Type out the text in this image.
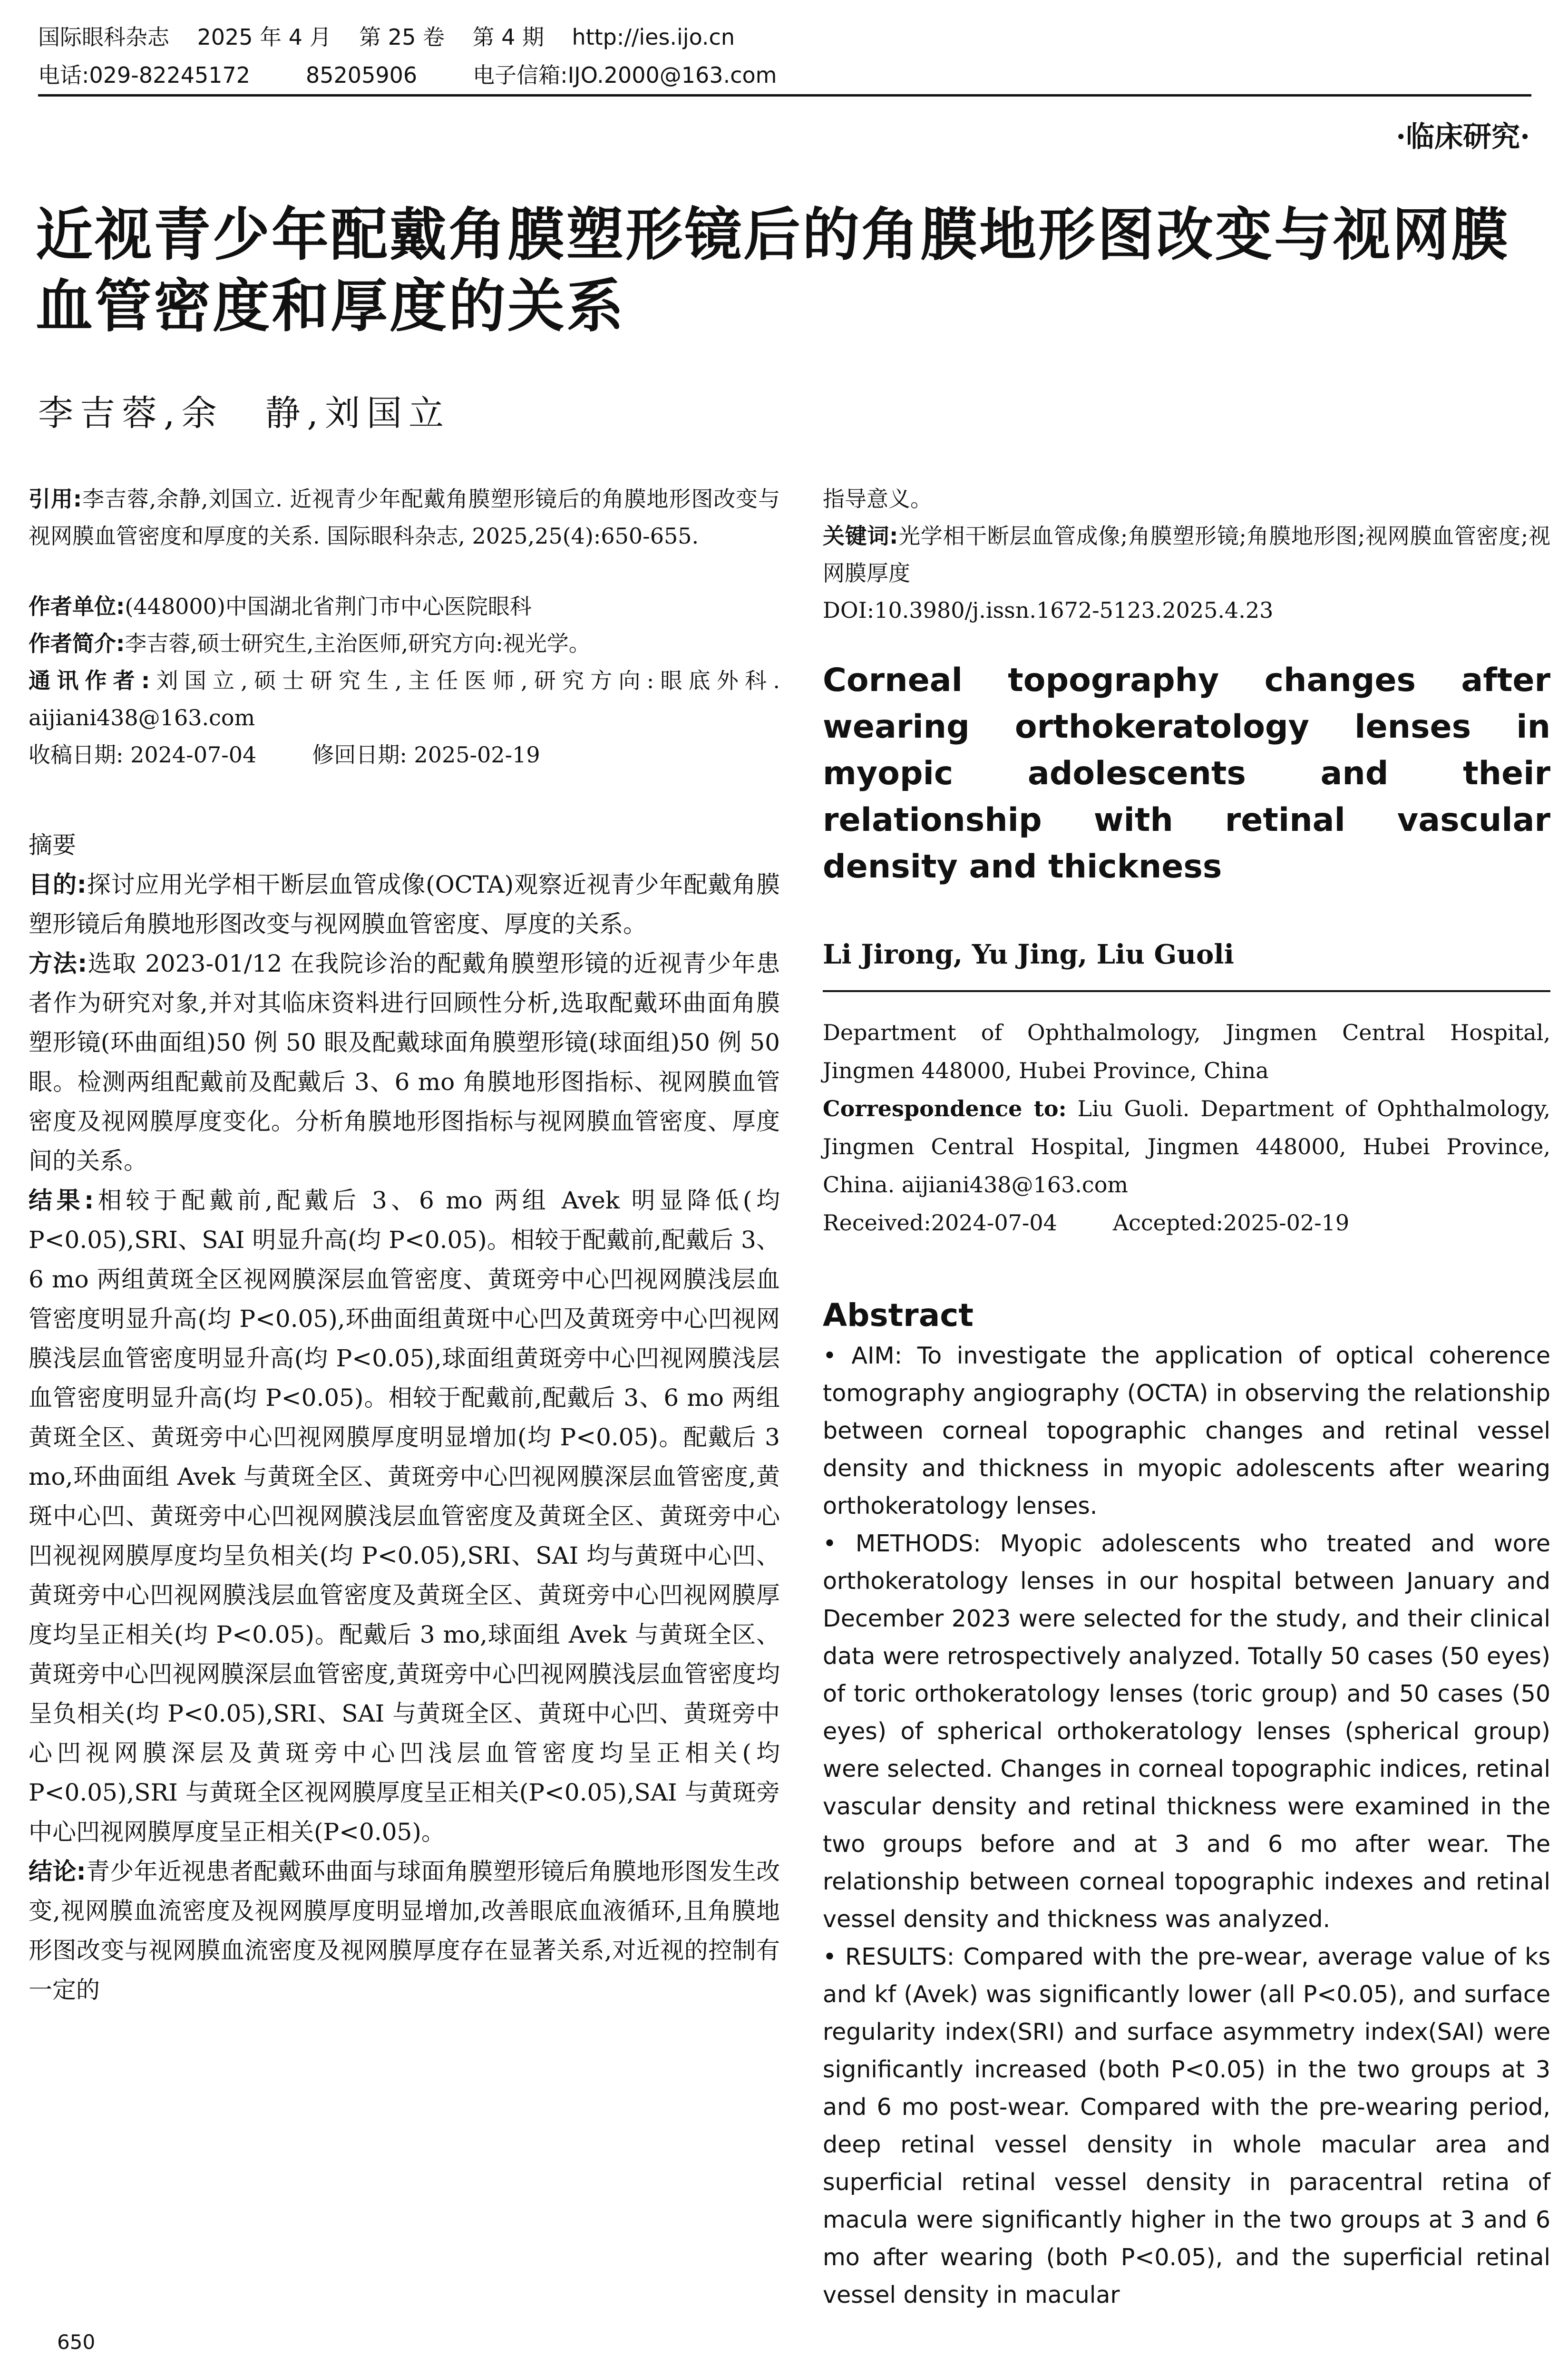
国际眼科杂志    2025 年 4 月    第 25 卷    第 4 期    http://ies.ijo.cn
电话:029-82245172        85205906        电子信箱:IJO.2000@163.com
·临床研究·
近视青少年配戴角膜塑形镜后的角膜地形图改变与视网膜血管密度和厚度的关系
李吉蓉,余　静,刘国立

引用:李吉蓉,余静,刘国立. 近视青少年配戴角膜塑形镜后的角膜地形图改变与视网膜血管密度和厚度的关系. 国际眼科杂志, 2025,25(4):650-655.

作者单位:(448000)中国湖北省荆门市中心医院眼科

作者简介:李吉蓉,硕士研究生,主治医师,研究方向:视光学。

通讯作者:刘国立,硕士研究生,主任医师,研究方向:眼底外科. aijiani438@163.com

收稿日期: 2024-07-04        修回日期: 2025-02-19

摘要

目的:探讨应用光学相干断层血管成像(OCTA)观察近视青少年配戴角膜塑形镜后角膜地形图改变与视网膜血管密度、厚度的关系。

方法:选取 2023-01/12 在我院诊治的配戴角膜塑形镜的近视青少年患者作为研究对象,并对其临床资料进行回顾性分析,选取配戴环曲面角膜塑形镜(环曲面组)50 例 50 眼及配戴球面角膜塑形镜(球面组)50 例 50 眼。检测两组配戴前及配戴后 3、6 mo 角膜地形图指标、视网膜血管密度及视网膜厚度变化。分析角膜地形图指标与视网膜血管密度、厚度间的关系。

结果:相较于配戴前,配戴后 3、6 mo 两组 Avek 明显降低(均 P<0.05),SRI、SAI 明显升高(均 P<0.05)。相较于配戴前,配戴后 3、6 mo 两组黄斑全区视网膜深层血管密度、黄斑旁中心凹视网膜浅层血管密度明显升高(均 P<0.05),环曲面组黄斑中心凹及黄斑旁中心凹视网膜浅层血管密度明显升高(均 P<0.05),球面组黄斑旁中心凹视网膜浅层血管密度明显升高(均 P<0.05)。相较于配戴前,配戴后 3、6 mo 两组黄斑全区、黄斑旁中心凹视网膜厚度明显增加(均 P<0.05)。配戴后 3 mo,环曲面组 Avek 与黄斑全区、黄斑旁中心凹视网膜深层血管密度,黄斑中心凹、黄斑旁中心凹视网膜浅层血管密度及黄斑全区、黄斑旁中心凹视视网膜厚度均呈负相关(均 P<0.05),SRI、SAI 均与黄斑中心凹、黄斑旁中心凹视网膜浅层血管密度及黄斑全区、黄斑旁中心凹视网膜厚度均呈正相关(均 P<0.05)。配戴后 3 mo,球面组 Avek 与黄斑全区、黄斑旁中心凹视网膜深层血管密度,黄斑旁中心凹视网膜浅层血管密度均呈负相关(均 P<0.05),SRI、SAI 与黄斑全区、黄斑中心凹、黄斑旁中心凹视网膜深层及黄斑旁中心凹浅层血管密度均呈正相关(均 P<0.05),SRI 与黄斑全区视网膜厚度呈正相关(P<0.05),SAI 与黄斑旁中心凹视网膜厚度呈正相关(P<0.05)。

结论:青少年近视患者配戴环曲面与球面角膜塑形镜后角膜地形图发生改变,视网膜血流密度及视网膜厚度明显增加,改善眼底血液循环,且角膜地形图改变与视网膜血流密度及视网膜厚度存在显著关系,对近视的控制有一定的

指导意义。

关键词:光学相干断层血管成像;角膜塑形镜;角膜地形图;视网膜血管密度;视网膜厚度

DOI:10.3980/j.issn.1672-5123.2025.4.23

Corneal topography changes after wearing orthokeratology lenses in myopic adolescents and their relationship with retinal vascular density and thickness

Li Jirong, Yu Jing, Liu Guoli

Department of Ophthalmology, Jingmen Central Hospital, Jingmen 448000, Hubei Province, China

Correspondence to: Liu Guoli. Department of Ophthalmology, Jingmen Central Hospital, Jingmen 448000, Hubei Province, China. aijiani438@163.com

Received:2024-07-04        Accepted:2025-02-19

Abstract

• AIM: To investigate the application of optical coherence tomography angiography (OCTA) in observing the relationship between corneal topographic changes and retinal vessel density and thickness in myopic adolescents after wearing orthokeratology lenses.

• METHODS: Myopic adolescents who treated and wore orthokeratology lenses in our hospital between January and December 2023 were selected for the study, and their clinical data were retrospectively analyzed. Totally 50 cases (50 eyes) of toric orthokeratology lenses (toric group) and 50 cases (50 eyes) of spherical orthokeratology lenses (spherical group) were selected. Changes in corneal topographic indices, retinal vascular density and retinal thickness were examined in the two groups before and at 3 and 6 mo after wear. The relationship between corneal topographic indexes and retinal vessel density and thickness was analyzed.

• RESULTS: Compared with the pre-wear, average value of ks and kf (Avek) was significantly lower (all P<0.05), and surface regularity index(SRI) and surface asymmetry index(SAI) were significantly increased (both P<0.05) in the two groups at 3 and 6 mo post-wear. Compared with the pre-wearing period, deep retinal vessel density in whole macular area and superficial retinal vessel density in paracentral retina of macula were significantly higher in the two groups at 3 and 6 mo after wearing (both P<0.05), and the superficial retinal vessel density in macular

650
